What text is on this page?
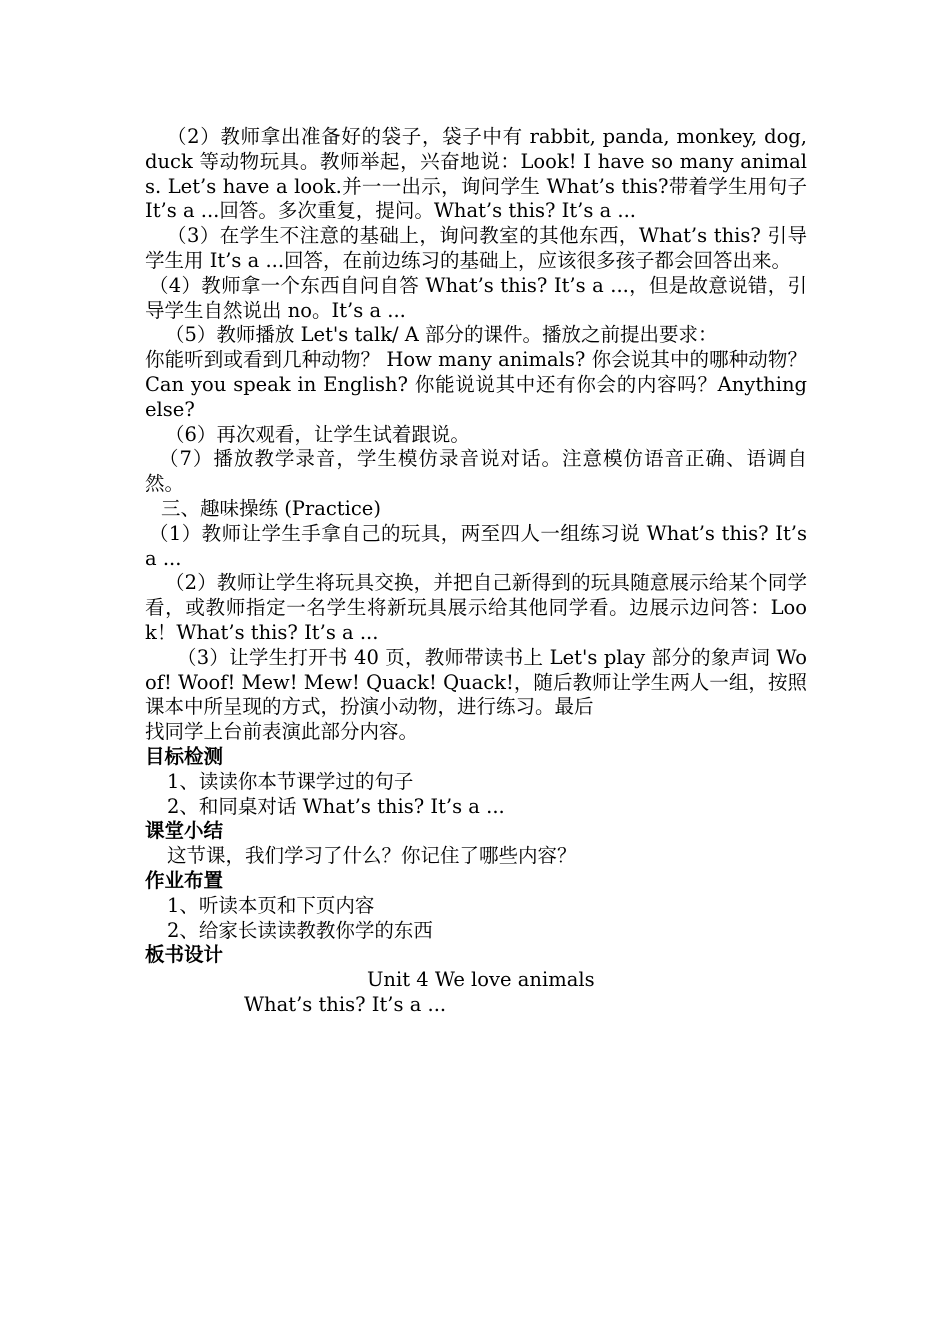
（2）教师拿出准备好的袋子，袋子中有 rabbit, panda, monkey, dog, duck 等动物玩具。教师举起，兴奋地说：Look! I have so many animals. Let’s have a look.并一一出示，询问学生 What’s this?带着学生用句子 It’s a ...回答。多次重复，提问。What’s this? It’s a ...

（3）在学生不注意的基础上，询问教室的其他东西，What’s this? 引导学生用 It’s a ...回答，在前边练习的基础上，应该很多孩子都会回答出来。

（4）教师拿一个东西自问自答 What’s this? It’s a ...，但是故意说错，引导学生自然说出 no。It’s a ...

（5）教师播放 Let's talk/ A 部分的课件。播放之前提出要求：

你能听到或看到几种动物？ How many animals? 你会说其中的哪种动物？ Can you speak in English? 你能说说其中还有你会的内容吗？Anything else?

（6）再次观看，让学生试着跟说。

（7）播放教学录音，学生模仿录音说对话。注意模仿语音正确、语调自然。

三、趣味操练 (Practice)

（1）教师让学生手拿自己的玩具，两至四人一组练习说 What’s this? It’s a ...

（2）教师让学生将玩具交换，并把自己新得到的玩具随意展示给某个同学看，或教师指定一名学生将新玩具展示给其他同学看。边展示边问答：Look！What’s this? It’s a ...

（3）让学生打开书 40 页，教师带读书上 Let's play 部分的象声词 Woof! Woof! Mew! Mew! Quack! Quack!，随后教师让学生两人一组，按照课本中所呈现的方式，扮演小动物，进行练习。最后

找同学上台前表演此部分内容。

目标检测

1、读读你本节课学过的句子

2、和同桌对话 What’s this? It’s a ...

课堂小结

这节课，我们学习了什么？你记住了哪些内容？

作业布置

1、听读本页和下页内容

2、给家长读读教教你学的东西

板书设计

Unit 4 We love animals

What’s this? It’s a ...
